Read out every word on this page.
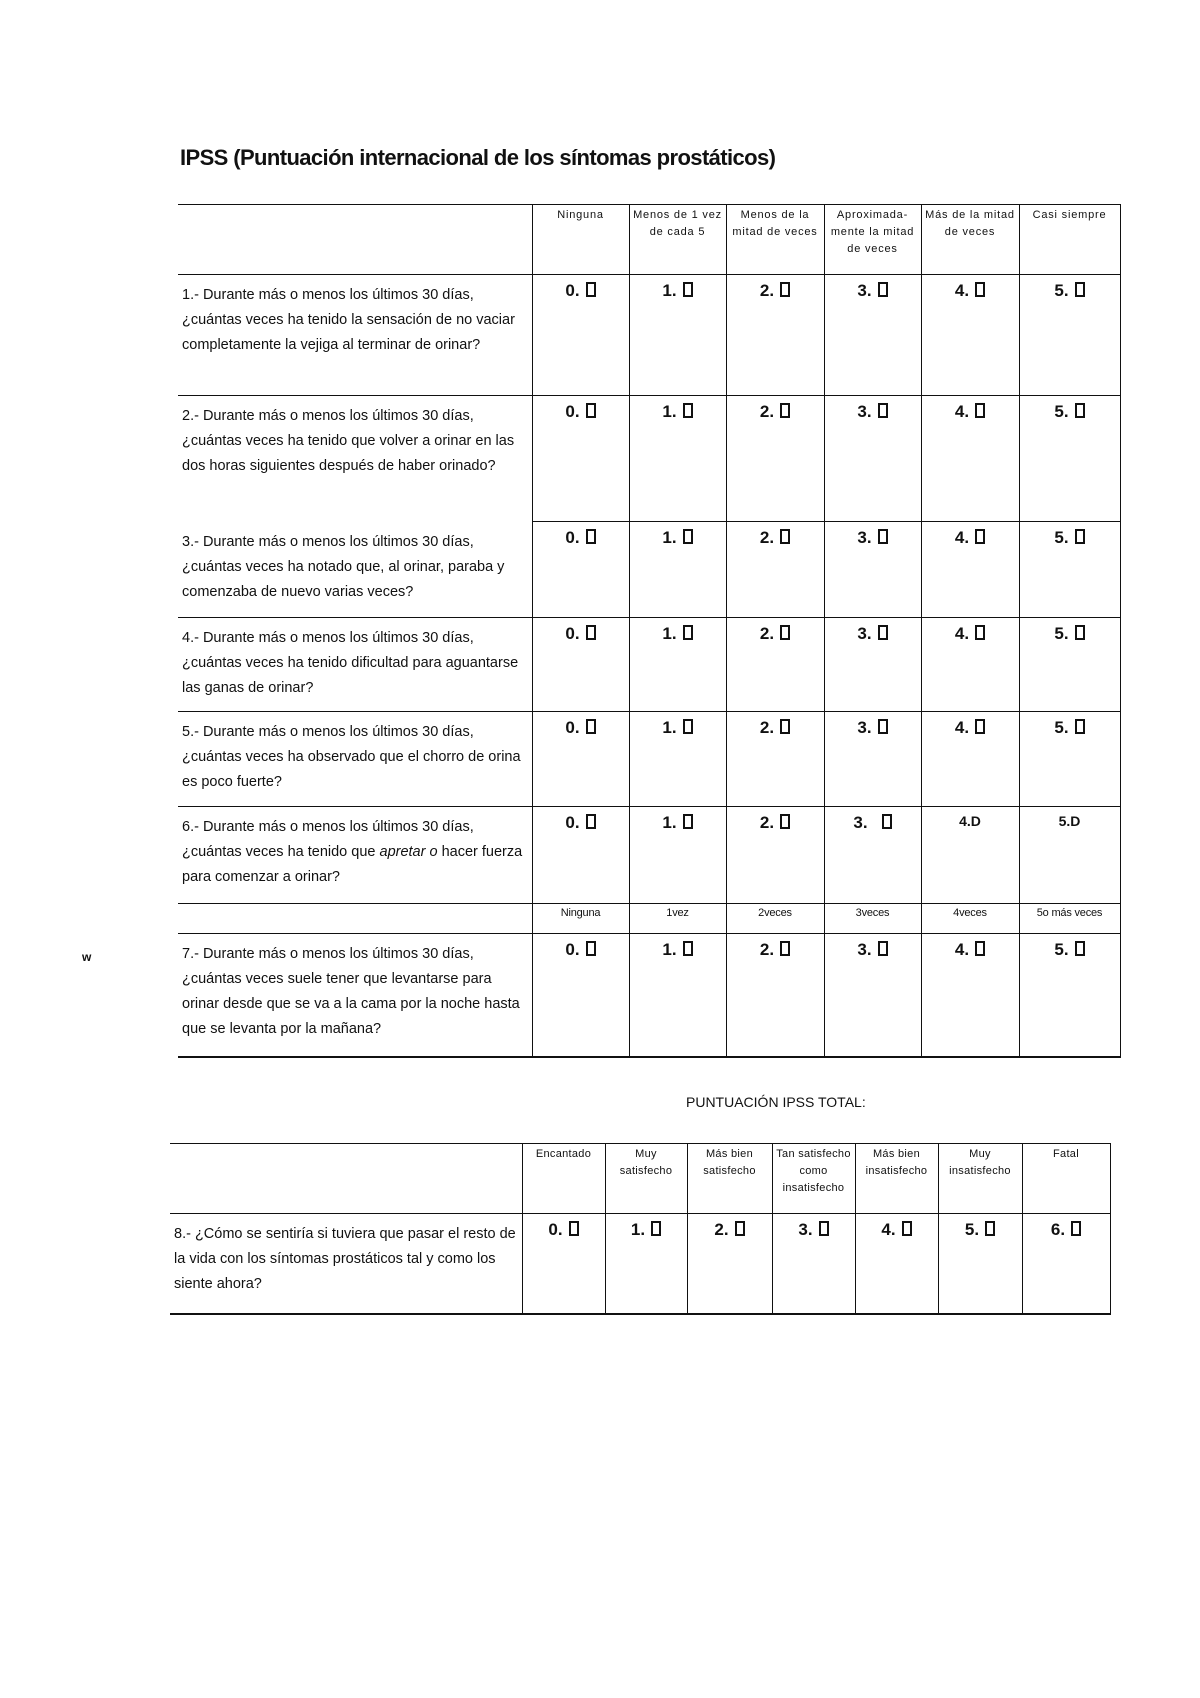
IPSS (Puntuación internacional de los síntomas prostáticos)
w
	Ninguna	Menos de 1 vez de cada 5	Menos de la mitad de veces	Aproximada-mente la mitad de veces	Más de la mitad de veces	Casi siempre
1.- Durante más o menos los últimos 30 días, ¿cuántas veces ha tenido la sensación de no vaciar completamente la vejiga al terminar de orinar?	0.	1.	2.	3.	4.	5.
2.- Durante más o menos los últimos 30 días, ¿cuántas veces ha tenido que volver a orinar en las dos horas siguientes después de haber orinado?	0.	1.	2.	3.	4.	5.
3.- Durante más o menos los últimos 30 días, ¿cuántas veces ha notado que, al orinar, paraba y comenzaba de nuevo varias veces?	0.	1.	2.	3.	4.	5.
4.- Durante más o menos los últimos 30 días, ¿cuántas veces ha tenido dificultad para aguantarse las ganas de orinar?	0.	1.	2.	3.	4.	5.
5.- Durante más o menos los últimos 30 días, ¿cuántas veces ha observado que el chorro de orina es poco fuerte?	0.	1.	2.	3.	4.	5.
6.- Durante más o menos los últimos 30 días, ¿cuántas veces ha tenido que apretar o hacer fuerza para comenzar a orinar?	0.	1.	2.	3.	4.D	5.D
	Ninguna	1vez	2veces	3veces	4veces	5o más veces
7.- Durante más o menos los últimos 30 días, ¿cuántas veces suele tener que levantarse para orinar desde que se va a la cama por la noche hasta que se levanta por la mañana?	0.	1.	2.	3.	4.	5.
PUNTUACIÓN IPSS TOTAL:
	Encantado	Muy satisfecho	Más bien satisfecho	Tan satisfecho como insatisfecho	Más bien insatisfecho	Muy insatisfecho	Fatal
8.- ¿Cómo se sentiría si tuviera que pasar el resto de la vida con los síntomas prostáticos tal y como los siente ahora?	0.	1.	2.	3.	4.	5.	6.
